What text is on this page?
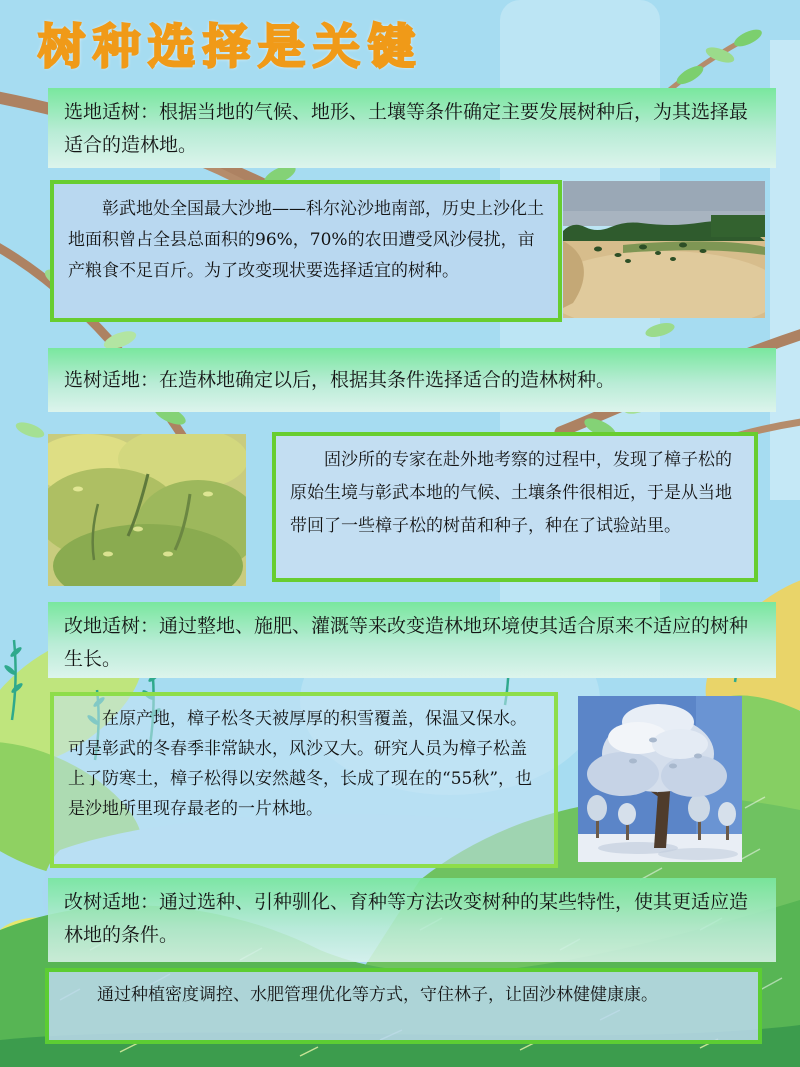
树种选择是关键

选地适树：根据当地的气候、地形、土壤等条件确定主要发展树种后，为其选择最适合的造林地。

彰武地处全国最大沙地——科尔沁沙地南部，历史上沙化土地面积曾占全县总面积的96%，70%的农田遭受风沙侵扰，亩产粮食不足百斤。为了改变现状要选择适宜的树种。

选树适地：在造林地确定以后，根据其条件选择适合的造林树种。

固沙所的专家在赴外地考察的过程中，发现了樟子松的原始生境与彰武本地的气候、土壤条件很相近，于是从当地带回了一些樟子松的树苗和种子，种在了试验站里。

改地适树：通过整地、施肥、灌溉等来改变造林地环境使其适合原来不适应的树种生长。

在原产地，樟子松冬天被厚厚的积雪覆盖，保温又保水。可是彰武的冬春季非常缺水，风沙又大。研究人员为樟子松盖上了防寒土，樟子松得以安然越冬，长成了现在的“55秋”，也是沙地所里现存最老的一片林地。

改树适地：通过选种、引种驯化、育种等方法改变树种的某些特性，使其更适应造林地的条件。

通过种植密度调控、水肥管理优化等方式，守住林子，让固沙林健健康康。
